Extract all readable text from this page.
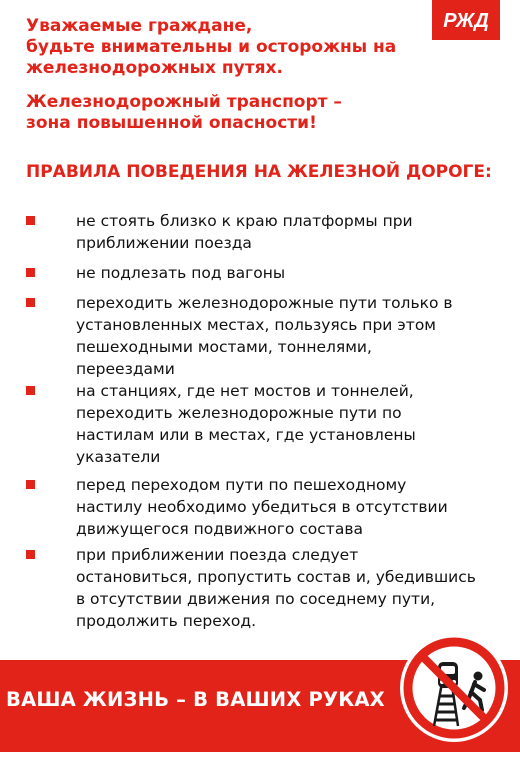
РЖД

Уважаемые граждане,
будьте внимательны и осторожны на
железнодорожных путях.

Железнодорожный транспорт –
зона повышенной опасности!

ПРАВИЛА ПОВЕДЕНИЯ НА ЖЕЛЕЗНОЙ ДОРОГЕ:

не стоять близко к краю платформы при
приближении поезда
не подлезать под вагоны
переходить железнодорожные пути только в
установленных местах, пользуясь при этом
пешеходными мостами, тоннелями,
переездами
на станциях, где нет мостов и тоннелей,
переходить железнодорожные пути по
настилам или в местах, где установлены
указатели
перед переходом пути по пешеходному
настилу необходимо убедиться в отсутствии
движущегося подвижного состава
при приближении поезда следует
остановиться, пропустить состав и, убедившись
в отсутствии движения по соседнему пути,
продолжить переход.
ВАША ЖИЗНЬ – В ВАШИХ РУКАХ
